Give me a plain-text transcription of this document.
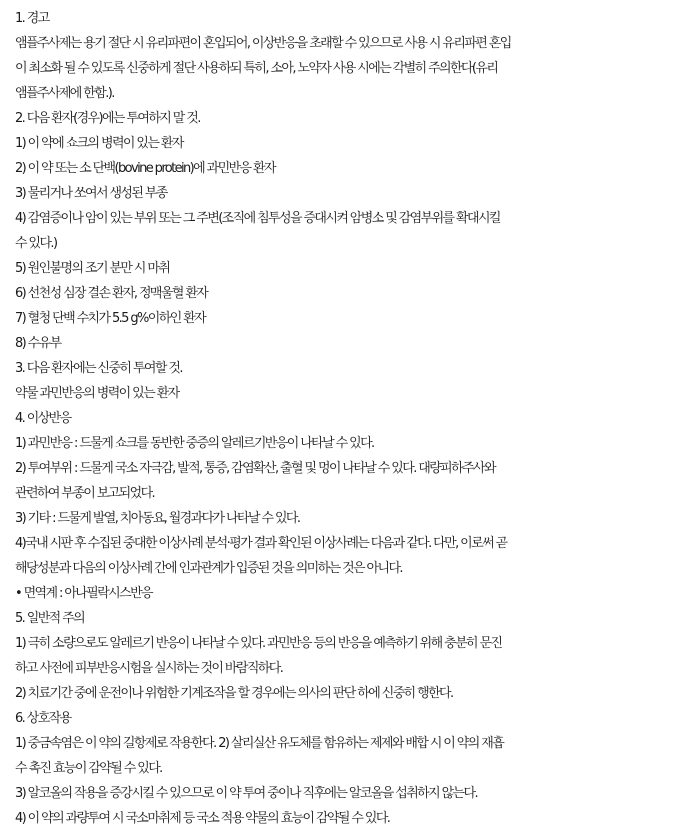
1. 경고
앰플주사제는 용기 절단 시 유리파편이 혼입되어, 이상반응을 초래할 수 있으므로 사용 시 유리파편 혼입
이 최소화 될 수 있도록 신중하게 절단 사용하되 특히, 소아, 노약자 사용 시에는 각별히 주의한다(유리
앰플주사제에 한함.).
2. 다음 환자(경우)에는 투여하지 말 것.
1) 이 약에 쇼크의 병력이 있는 환자
2) 이 약 또는 소 단백(bovine protein)에 과민반응 환자
3) 물리거나 쏘여서 생성된 부종
4) 감염증이나 암이 있는 부위 또는 그 주변(조직에 침투성을 증대시켜 암병소 및 감염부위를 확대시킬
수 있다.)
5) 원인불명의 조기 분만 시 마취
6) 선천성 심장 결손 환자, 정맥울혈 환자
7) 혈청 단백 수치가 5.5 g%이하인 환자
8) 수유부
3. 다음 환자에는 신중히 투여할 것.
약물 과민반응의 병력이 있는 환자
4. 이상반응
1) 과민반응 : 드물게 쇼크를 동반한 중증의 알레르기반응이 나타날 수 있다.
2) 투여부위 : 드물게 국소 자극감, 발적, 통증, 감염확산, 출혈 및 멍이 나타날 수 있다. 대량피하주사와
관련하여 부종이 보고되었다.
3) 기타 : 드물게 발열, 치아동요, 월경과다가 나타날 수 있다.
4)국내 시판 후 수집된 중대한 이상사례 분석·평가 결과 확인된 이상사례는 다음과 같다. 다만, 이로써 곧
해당성분과 다음의 이상사례 간에 인과관계가 입증된 것을 의미하는 것은 아니다.
• 면역계 : 아나필락시스반응
5. 일반적 주의
1) 극히 소량으로도 알레르기 반응이 나타날 수 있다. 과민반응 등의 반응을 예측하기 위해 충분히 문진
하고 사전에 피부반응시험을 실시하는 것이 바람직하다.
2) 치료기간 중에 운전이나 위험한 기계조작을 할 경우에는 의사의 판단 하에 신중히 행한다.
6. 상호작용
1) 중금속염은 이 약의 길항제로 작용한다. 2) 살리실산 유도체를 함유하는 제제와 배합 시 이 약의 재흡
수 촉진 효능이 감약될 수 있다.
3) 알코올의 작용을 증강시킬 수 있으므로 이 약 투여 중이나 직후에는 알코올을 섭취하지 않는다.
4) 이 약의 과량투여 시 국소마취제 등 국소 적용 약물의 효능이 감약될 수 있다.
